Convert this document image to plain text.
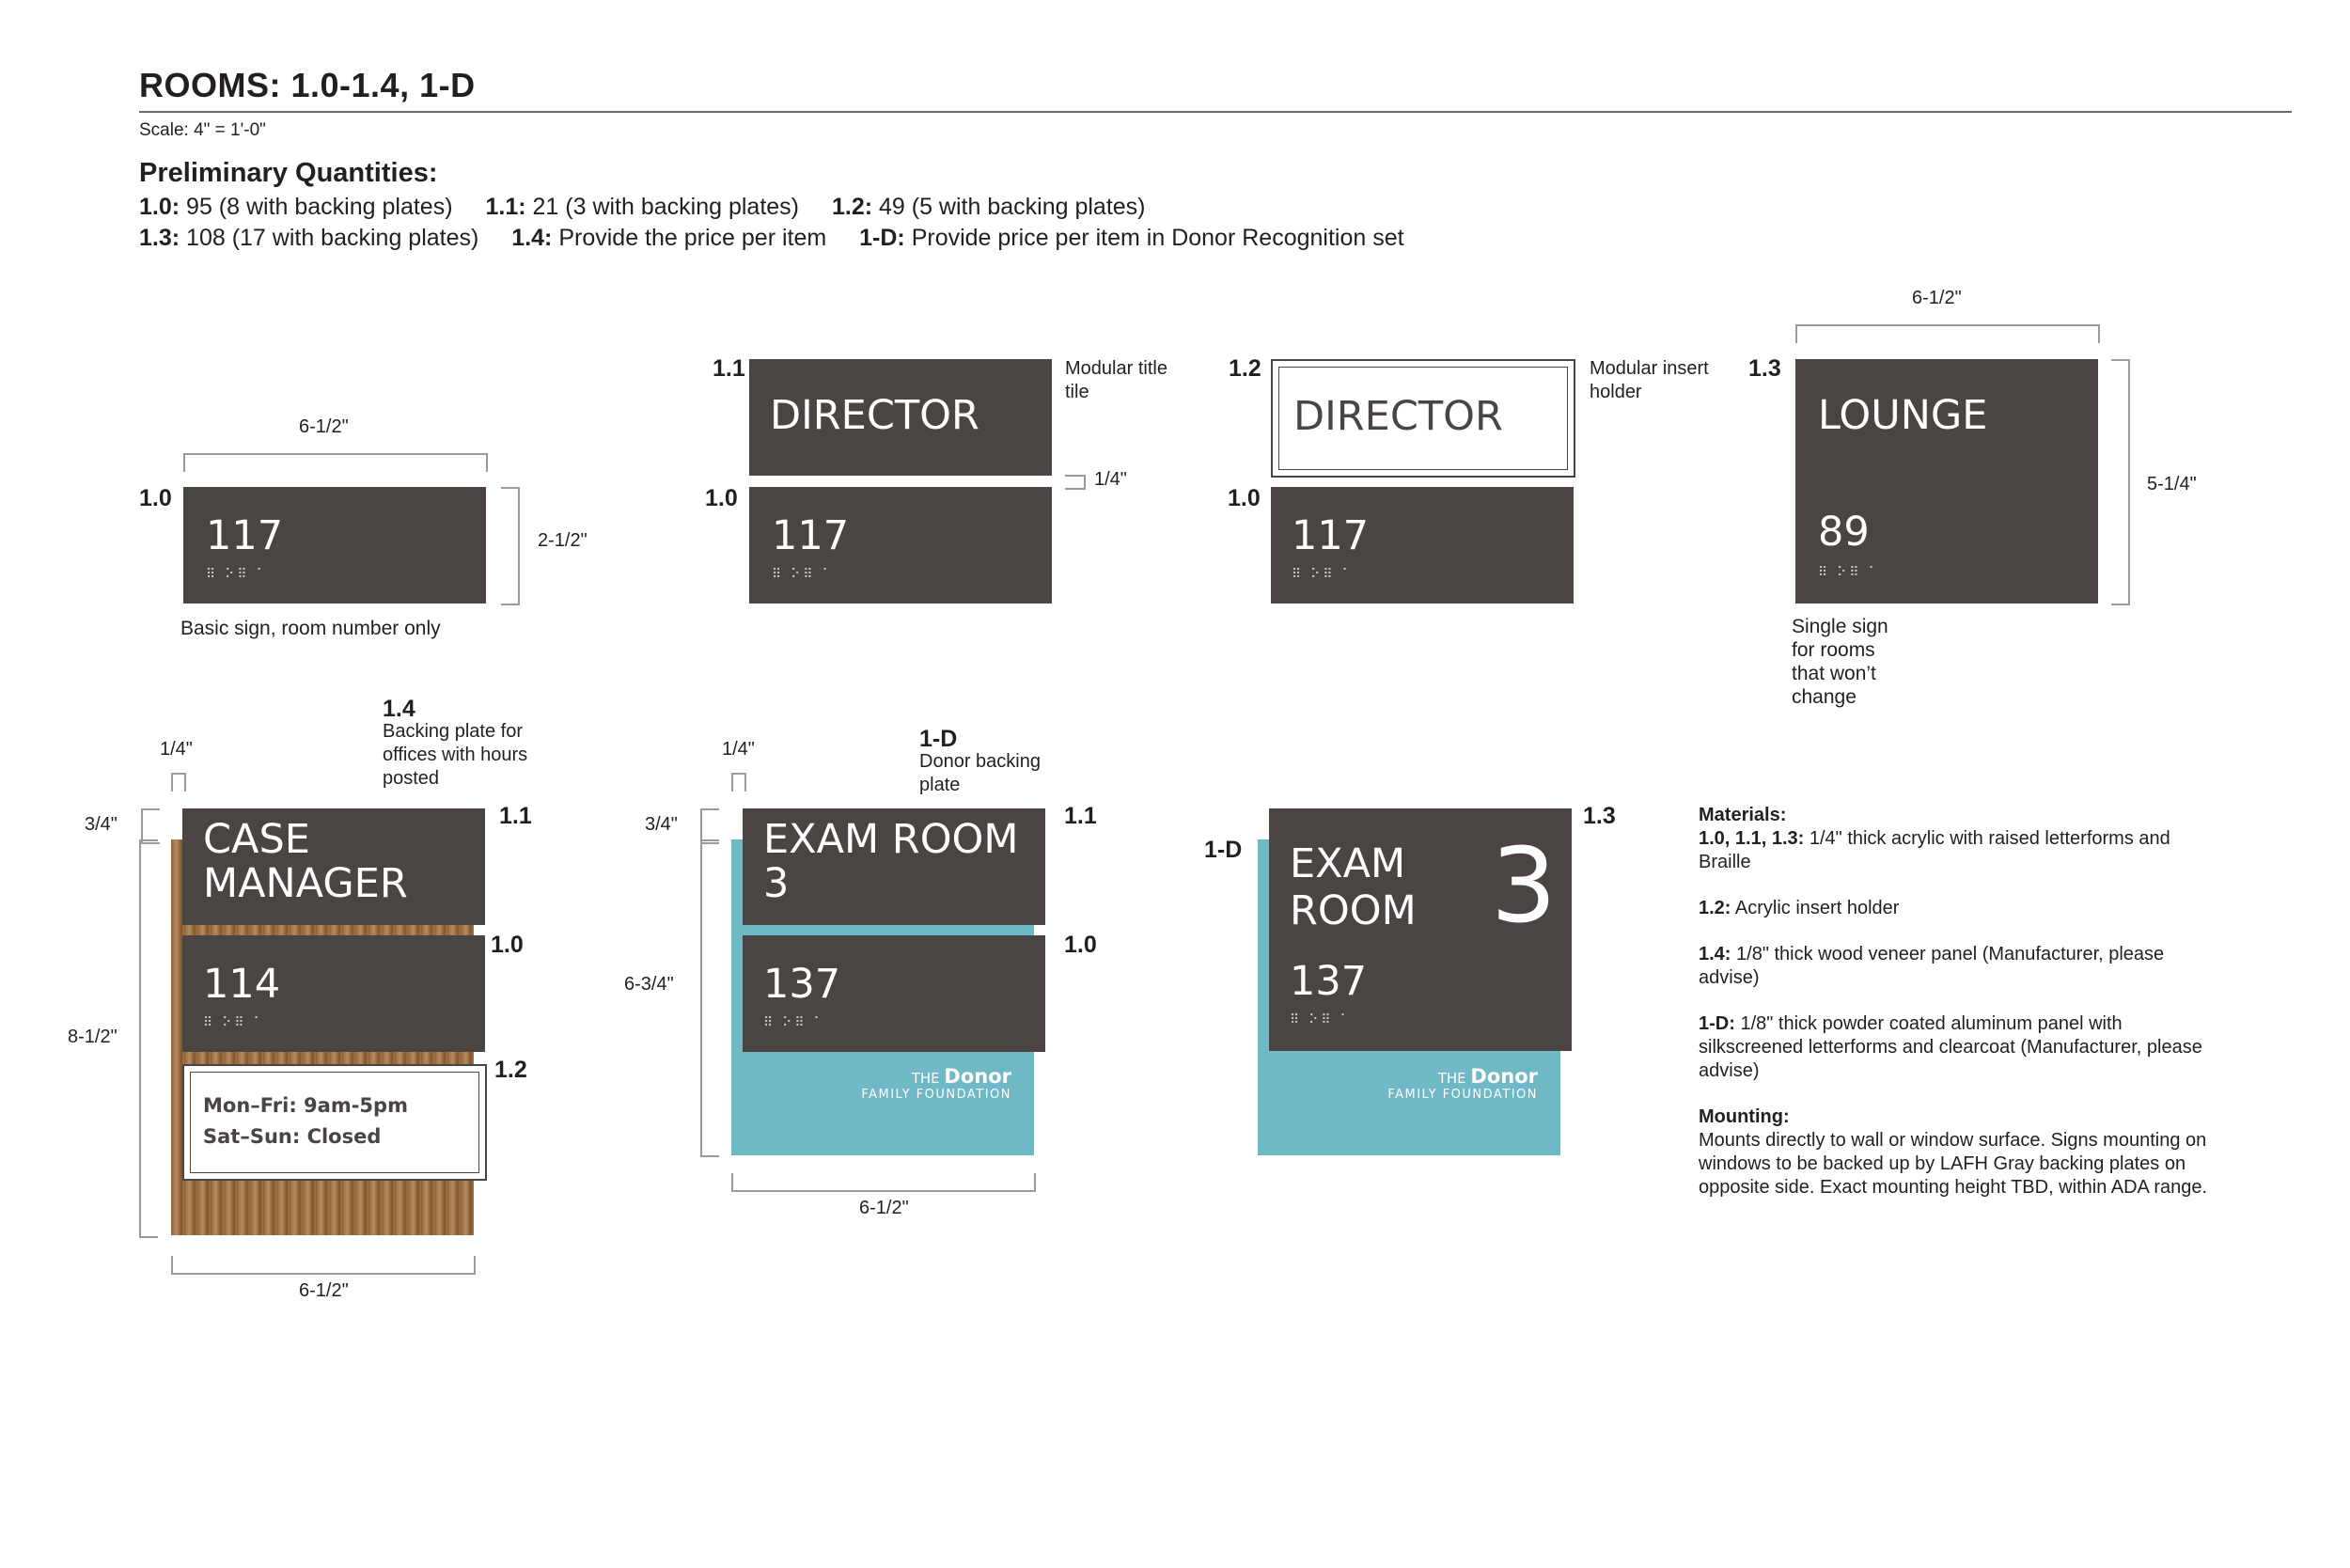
ROOMS: 1.0-1.4, 1-D
Scale: 4" = 1'-0"
Preliminary Quantities:
1.0: 95 (8 with backing plates) 1.1: 21 (3 with backing plates) 1.2: 49 (5 with backing plates)
1.3: 108 (17 with backing plates) 1.4: Provide the price per item 1-D: Provide price per item in Donor Recognition set
6-1/2"
1.0
117
⠿ ⠕⠿ ⠁
2-1/2"
Basic sign, room number only
1.1
DIRECTOR
Modular title tile
1/4"
1.0
117
⠿ ⠕⠿ ⠁
1.2
DIRECTOR
Modular insert holder
1.0
117
⠿ ⠕⠿ ⠁
6-1/2"
1.3
LOUNGE
89
⠿ ⠕⠿ ⠁
5-1/4"
Single sign for rooms that won’t change
1.4
Backing plate for offices with hours posted
1/4"
3/4"
8-1/2"
CASE MANAGER
1.1
114
⠿ ⠕⠿ ⠁
1.0
Mon–Fri: 9am-5pm
Sat–Sun: Closed
1.2
6-1/2"
1-D
Donor backing plate
1/4"
3/4"
6-3/4"
THE Donor
FAMILY FOUNDATION
EXAM ROOM 3
1.1
137
⠿ ⠕⠿ ⠁
1.0
6-1/2"
1-D
THE Donor
FAMILY FOUNDATION
EXAM ROOM 3
137
⠿ ⠕⠿ ⠁
1.3	Materials:

1.0, 1.1, 1.3: 1/4" thick acrylic with raised letterforms and Braille

1.2: Acrylic insert holder

1.4: 1/8" thick wood veneer panel (Manufacturer, please advise)

1-D: 1/8" thick powder coated aluminum panel with silkscreened letterforms and clearcoat (Manufacturer, please advise)

Mounting:

Mounts directly to wall or window surface. Signs mounting on windows to be backed up by LAFH Gray backing plates on opposite side. Exact mounting height TBD, within ADA range.
